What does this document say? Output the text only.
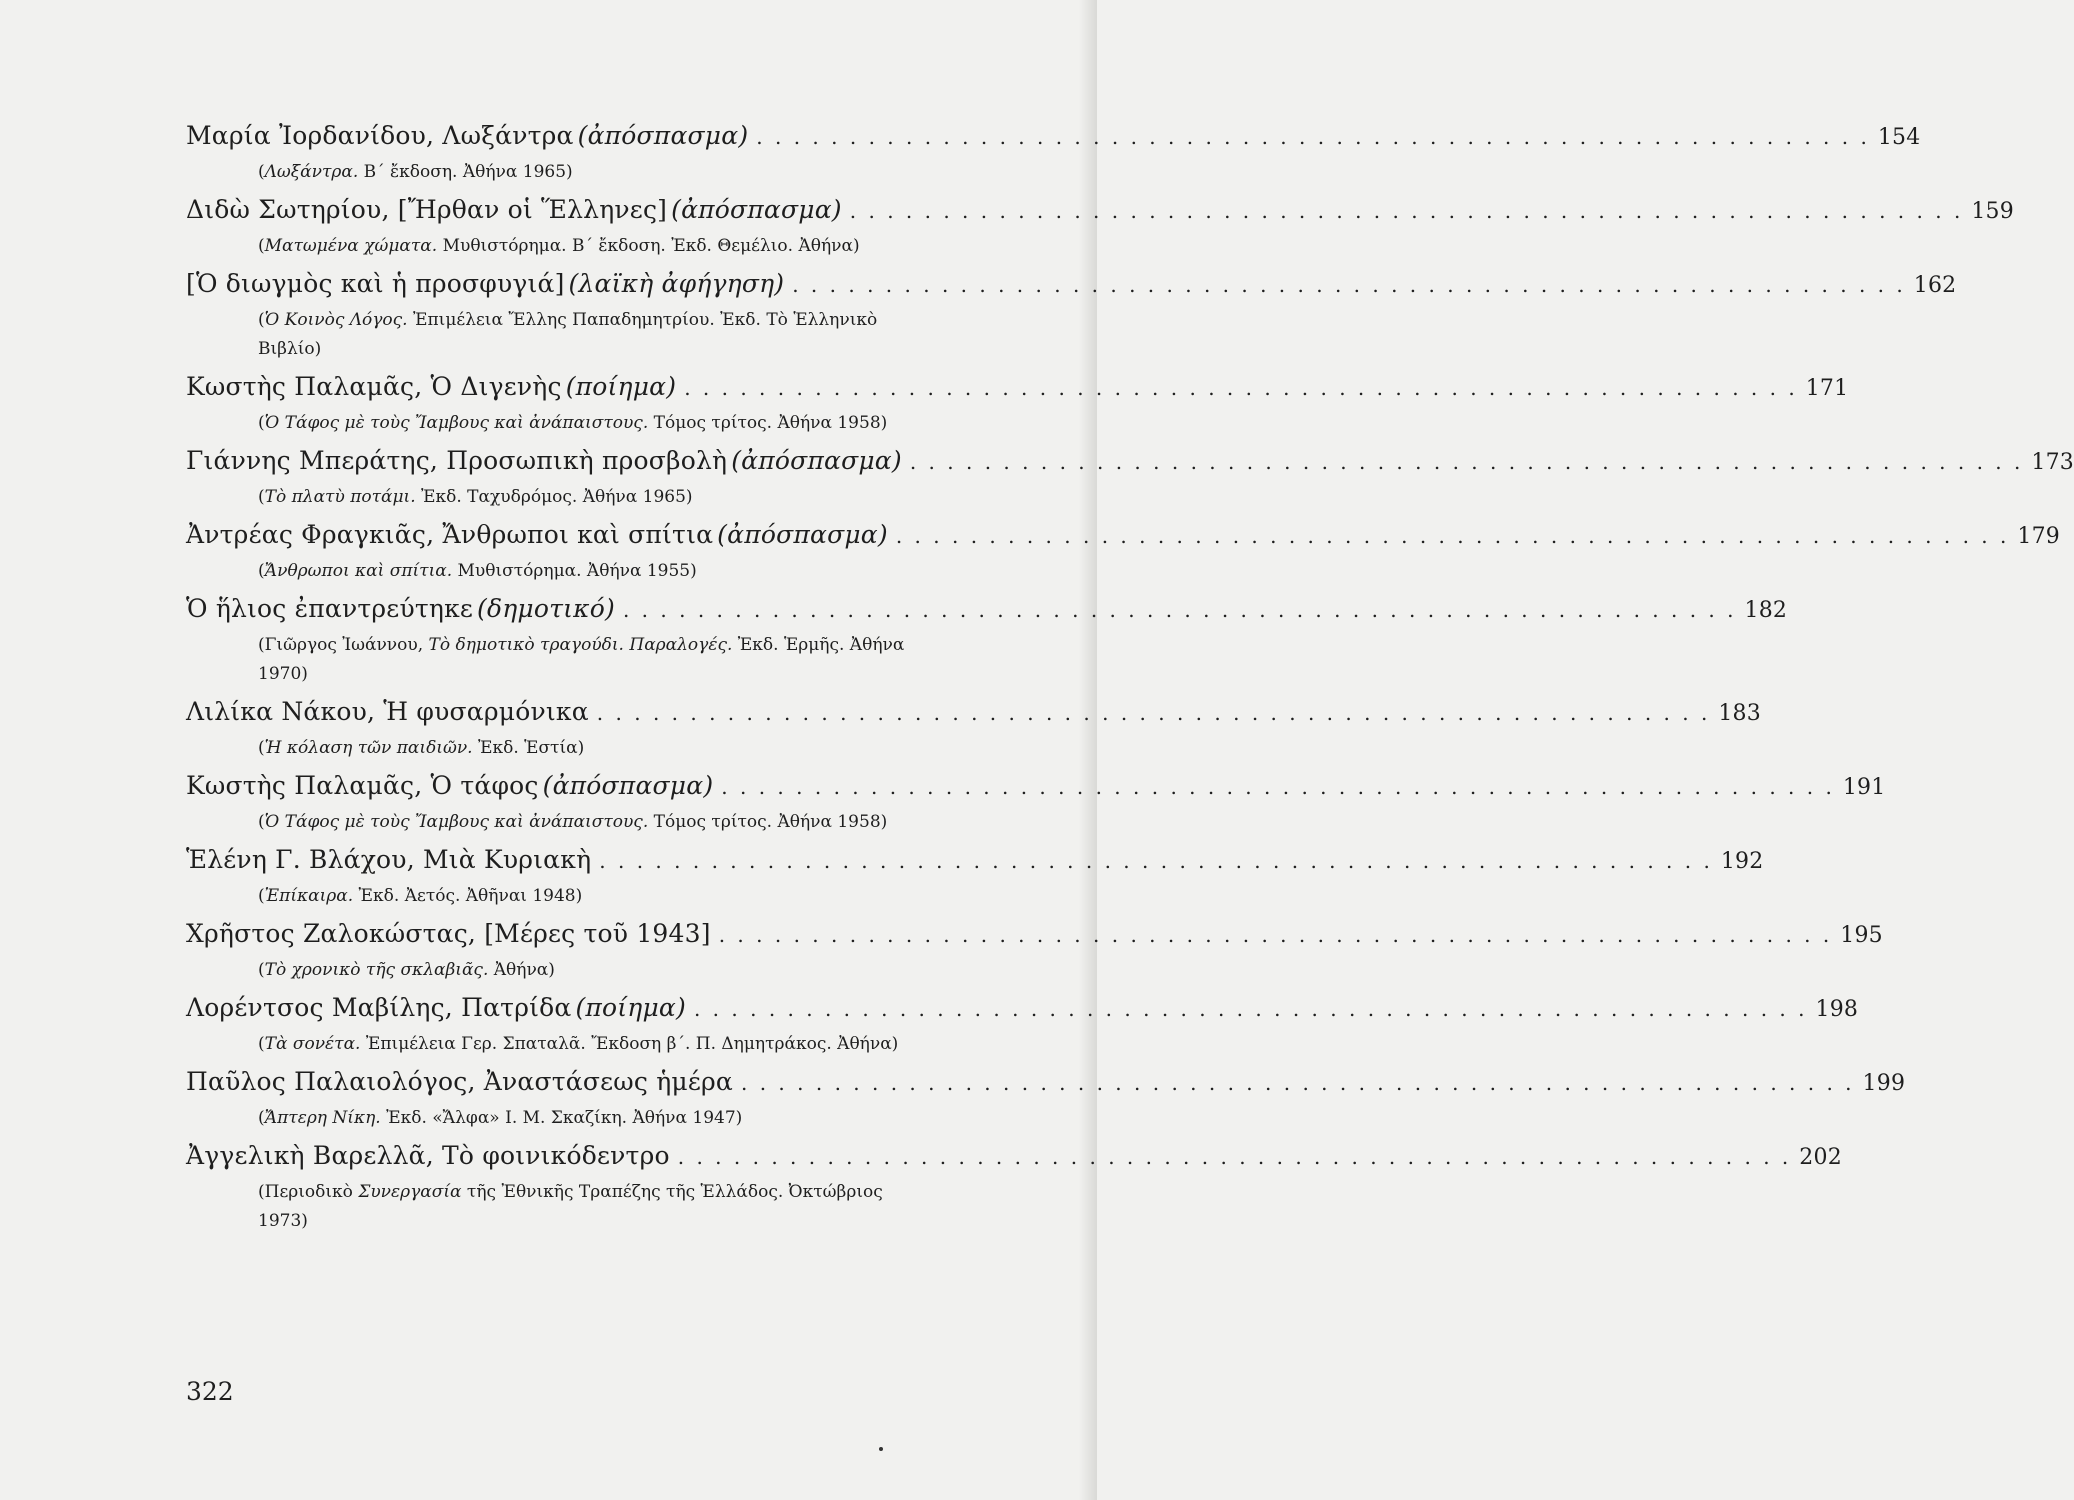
Μαρία Ἰορδανίδου, Λωξάντρα (ἀπόσπασμα) . . . . . . . . . . . . . . . . . . . . . . . . . . . . . . . . . . . . . . . . . . . . . . . . . . . . . . . . . . . . 154
(Λωξάντρα. Β΄ ἔκδοση. Ἀθήνα 1965)
Διδὼ Σωτηρίου, [Ἤρθαν οἱ Ἕλληνες] (ἀπόσπασμα) . . . . . . . . . . . . . . . . . . . . . . . . . . . . . . . . . . . . . . . . . . . . . . . . . . . . . . . . . . . . 159
(Ματωμένα χώματα. Μυθιστόρημα. Β΄ ἔκδοση. Ἐκδ. Θεμέλιο. Ἀθήνα)
[Ὁ διωγμὸς καὶ ἡ προσφυγιά] (λαϊκὴ ἀφήγηση) . . . . . . . . . . . . . . . . . . . . . . . . . . . . . . . . . . . . . . . . . . . . . . . . . . . . . . . . . . . . 162
(Ὁ Κοινὸς Λόγος. Ἐπιμέλεια Ἔλλης Παπαδημητρίου. Ἐκδ. Τὸ Ἑλληνικὸ Βιβλίο)
Κωστὴς Παλαμᾶς, Ὁ Διγενὴς (ποίημα) . . . . . . . . . . . . . . . . . . . . . . . . . . . . . . . . . . . . . . . . . . . . . . . . . . . . . . . . . . . . 171
(Ὁ Τάφος μὲ τοὺς Ἴαμβους καὶ ἀνάπαιστους. Τόμος τρίτος. Ἀθήνα 1958)
Γιάννης Μπεράτης, Προσωπικὴ προσβολὴ (ἀπόσπασμα) . . . . . . . . . . . . . . . . . . . . . . . . . . . . . . . . . . . . . . . . . . . . . . . . . . . . . . . . . . . . 173
(Τὸ πλατὺ ποτάμι. Ἐκδ. Ταχυδρόμος. Ἀθήνα 1965)
Ἀντρέας Φραγκιᾶς, Ἄνθρωποι καὶ σπίτια (ἀπόσπασμα) . . . . . . . . . . . . . . . . . . . . . . . . . . . . . . . . . . . . . . . . . . . . . . . . . . . . . . . . . . . . 179
(Ἄνθρωποι καὶ σπίτια. Μυθιστόρημα. Ἀθήνα 1955)
Ὁ ἥλιος ἐπαντρεύτηκε (δημοτικό) . . . . . . . . . . . . . . . . . . . . . . . . . . . . . . . . . . . . . . . . . . . . . . . . . . . . . . . . . . . . 182
(Γιῶργος Ἰωάννου, Τὸ δημοτικὸ τραγούδι. Παραλογές. Ἐκδ. Ἑρμῆς. Ἀθήνα 1970)
Λιλίκα Νάκου, Ἡ φυσαρμόνικα . . . . . . . . . . . . . . . . . . . . . . . . . . . . . . . . . . . . . . . . . . . . . . . . . . . . . . . . . . . . 183
(Ἡ κόλαση τῶν παιδιῶν. Ἐκδ. Ἑστία)
Κωστὴς Παλαμᾶς, Ὁ τάφος (ἀπόσπασμα) . . . . . . . . . . . . . . . . . . . . . . . . . . . . . . . . . . . . . . . . . . . . . . . . . . . . . . . . . . . . 191
(Ὁ Τάφος μὲ τοὺς Ἴαμβους καὶ ἀνάπαιστους. Τόμος τρίτος. Ἀθήνα 1958)
Ἑλένη Γ. Βλάχου, Μιὰ Κυριακὴ . . . . . . . . . . . . . . . . . . . . . . . . . . . . . . . . . . . . . . . . . . . . . . . . . . . . . . . . . . . . 192
(Ἐπίκαιρα. Ἐκδ. Ἀετός. Ἀθῆναι 1948)
Χρῆστος Ζαλοκώστας, [Μέρες τοῦ 1943] . . . . . . . . . . . . . . . . . . . . . . . . . . . . . . . . . . . . . . . . . . . . . . . . . . . . . . . . . . . . 195
(Τὸ χρονικὸ τῆς σκλαβιᾶς. Ἀθήνα)
Λορέντσος Μαβίλης, Πατρίδα (ποίημα) . . . . . . . . . . . . . . . . . . . . . . . . . . . . . . . . . . . . . . . . . . . . . . . . . . . . . . . . . . . . 198
(Τὰ σονέτα. Ἐπιμέλεια Γερ. Σπαταλᾶ. Ἔκδοση β΄. Π. Δημητράκος. Ἀθήνα)
Παῦλος Παλαιολόγος, Ἀναστάσεως ἡμέρα . . . . . . . . . . . . . . . . . . . . . . . . . . . . . . . . . . . . . . . . . . . . . . . . . . . . . . . . . . . . 199
(Ἄπτερη Νίκη. Ἐκδ. «Ἄλφα» Ι. Μ. Σκαζίκη. Ἀθήνα 1947)
Ἀγγελικὴ Βαρελλᾶ, Τὸ φοινικόδεντρο . . . . . . . . . . . . . . . . . . . . . . . . . . . . . . . . . . . . . . . . . . . . . . . . . . . . . . . . . . . . 202
(Περιοδικὸ Συνεργασία τῆς Ἐθνικῆς Τραπέζης τῆς Ἑλλάδος. Ὀκτώβριος 1973)
322
